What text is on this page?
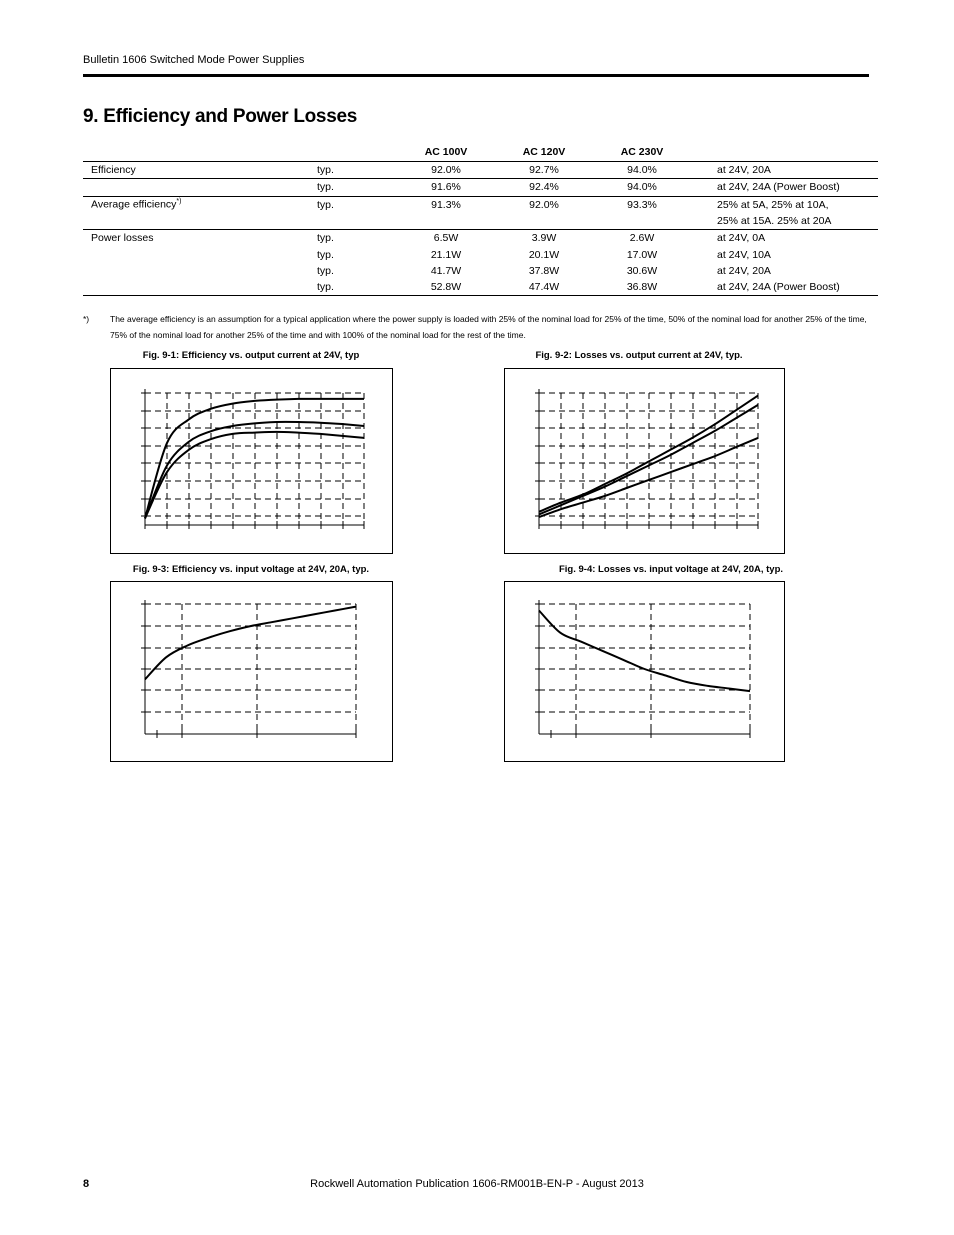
Bulletin 1606 Switched Mode Power Supplies
9. Efficiency and Power Losses
		AC 100V	AC 120V	AC 230V	
Efficiency	typ.	92.0%	92.7%	94.0%	at 24V, 20A
	typ.	91.6%	92.4%	94.0%	at 24V, 24A (Power Boost)
Average efficiency*)	typ.	91.3%	92.0%	93.3%	25% at 5A, 25% at 10A,
					25% at 15A. 25% at 20A
Power losses	typ.	6.5W	3.9W	2.6W	at 24V, 0A
	typ.	21.1W	20.1W	17.0W	at 24V, 10A
	typ.	41.7W	37.8W	30.6W	at 24V, 20A
	typ.	52.8W	47.4W	36.8W	at 24V, 24A (Power Boost)
*) The average efficiency is an assumption for a typical application where the power supply is loaded with 25% of the nominal load for 25% of the time, 50% of the nominal load for another 25% of the time, 75% of the nominal load for another 25% of the time and with 100% of the nominal load for the rest of the time.
Fig. 9-1: Efficiency vs. output current at 24V, typ	Fig. 9-2: Losses vs. output current at 24V, typ.
Fig. 9-3: Efficiency vs. input voltage at 24V, 20A, typ.	Fig. 9-4: Losses vs. input voltage at 24V, 20A, typ.
8	Rockwell Automation Publication 1606-RM001B-EN-P - August 2013
